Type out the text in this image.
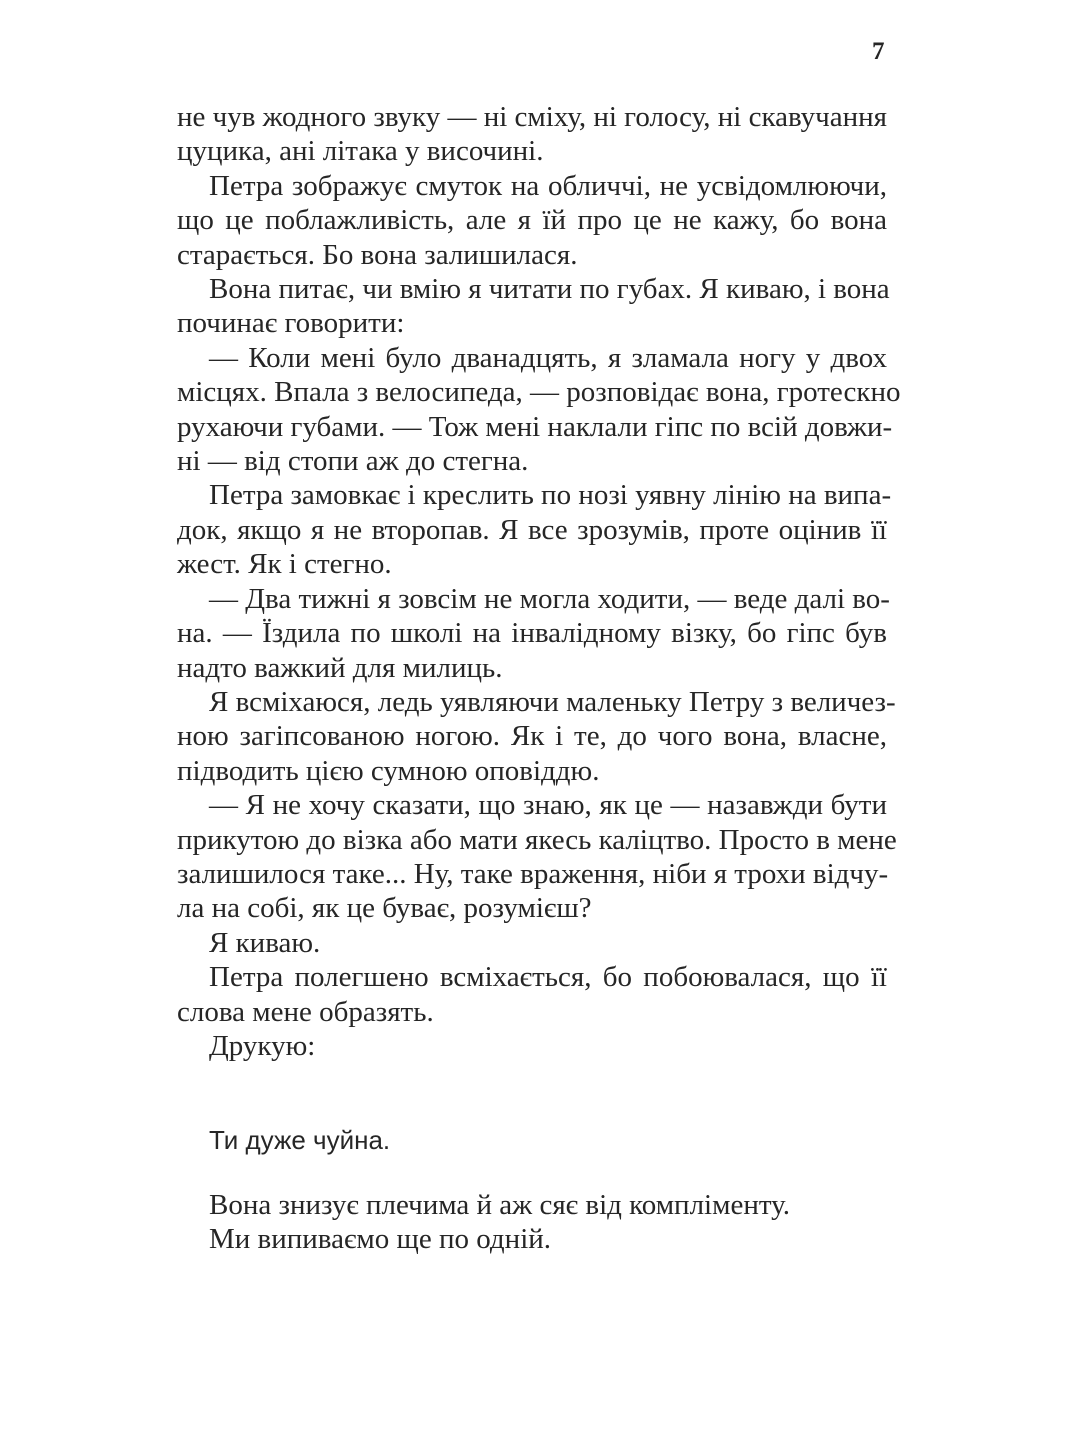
7

не чув жодного звуку — ні сміху, ні голосу, ні скавучання
цуцика, ані літака у височині.

Петра зображує смуток на обличчі, не усвідомлюючи,
що це поблажливість, але я їй про це не кажу, бо вона
старається. Бо вона залишилася.

Вона питає, чи вмію я читати по губах. Я киваю, і вона
починає говорити:

— Коли мені було дванадцять, я зламала ногу у двох
місцях. Впала з велосипеда, — розповідає вона, гротескно
рухаючи губами. — Тож мені наклали гіпс по всій довжи-
ні — від стопи аж до стегна.

Петра замовкає і креслить по нозі уявну лінію на випа-
док, якщо я не второпав. Я все зрозумів, проте оцінив її
жест. Як і стегно.

— Два тижні я зовсім не могла ходити, — веде далі во-
на. — Їздила по школі на інвалідному візку, бо гіпс був
надто важкий для милиць.

Я всміхаюся, ледь уявляючи маленьку Петру з величез-
ною загіпсованою ногою. Як і те, до чого вона, власне,
підводить цією сумною оповіддю.

— Я не хочу сказати, що знаю, як це — назавжди бути
прикутою до візка або мати якесь каліцтво. Просто в мене
залишилося таке... Ну, таке враження, ніби я трохи відчу-
ла на собі, як це буває, розумієш?

Я киваю.

Петра полегшено всміхається, бо побоювалася, що її
слова мене образять.

Друкую:

Ти дуже чуйна.

Вона знизує плечима й аж сяє від компліменту.

Ми випиваємо ще по одній.
